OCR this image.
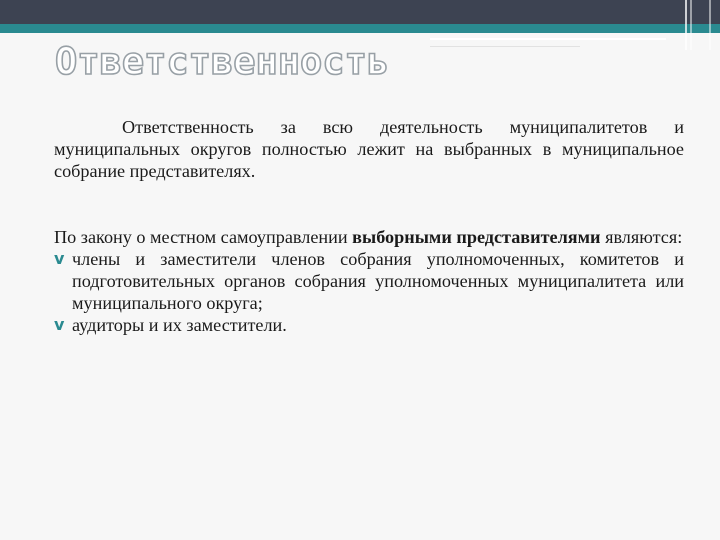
Ответственность

Ответственность за всю деятельность муниципалитетов и муниципальных округов полностью лежит на выбранных в муниципальное собрание представителях.

По закону о местном самоуправлении выборными представителями являются:

v члены и заместители членов собрания уполномоченных, комитетов и подготовительных органов собрания уполномоченных муниципалитета или муниципального округа;
v аудиторы и их заместители.
